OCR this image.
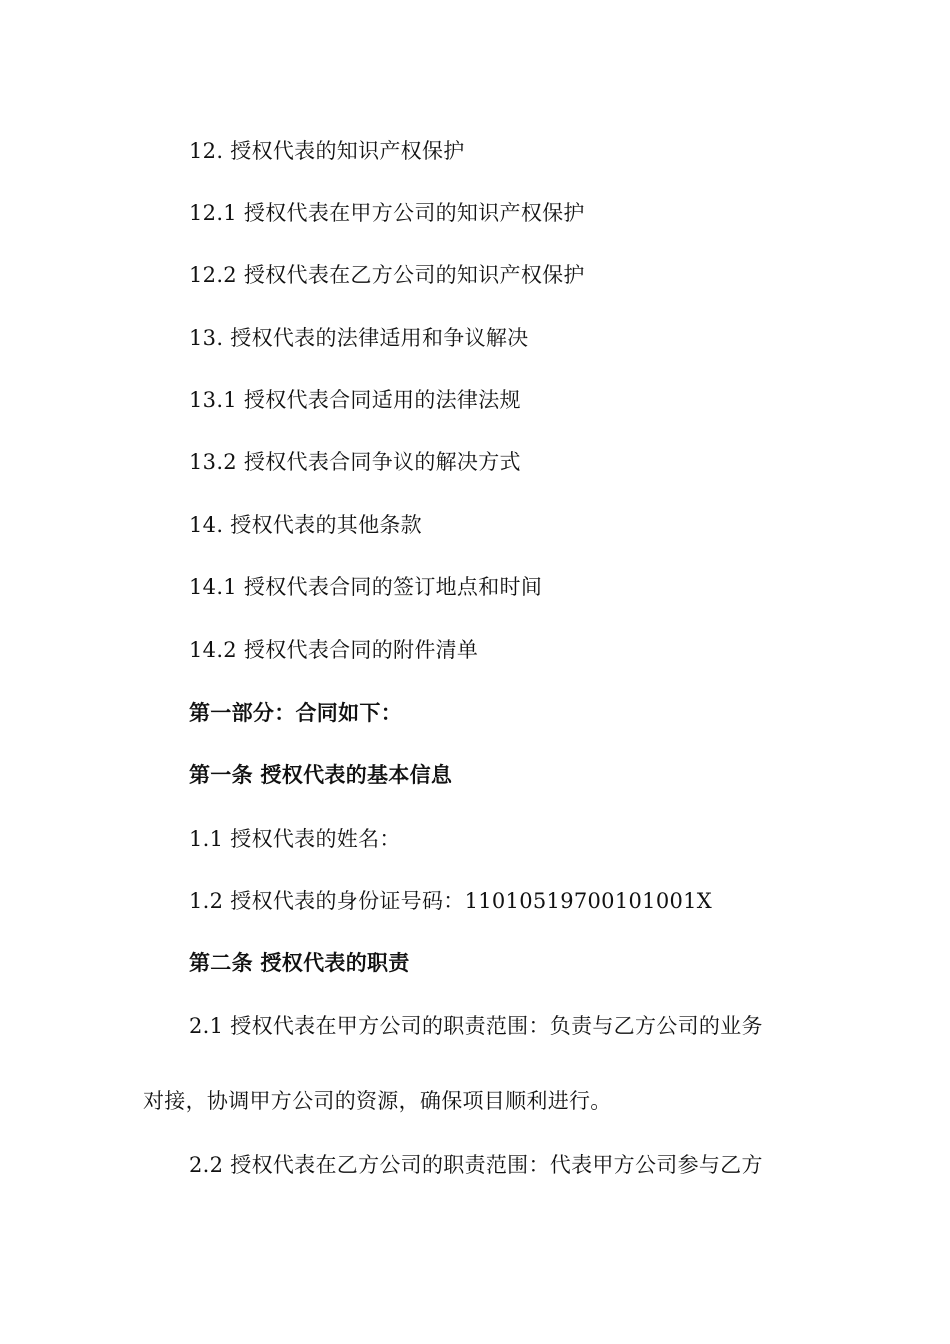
12. 授权代表的知识产权保护
12.1 授权代表在甲方公司的知识产权保护
12.2 授权代表在乙方公司的知识产权保护
13. 授权代表的法律适用和争议解决
13.1 授权代表合同适用的法律法规
13.2 授权代表合同争议的解决方式
14. 授权代表的其他条款
14.1 授权代表合同的签订地点和时间
14.2 授权代表合同的附件清单
第一部分：合同如下：
第一条 授权代表的基本信息
1.1 授权代表的姓名：
1.2 授权代表的身份证号码：11010519700101001X
第二条 授权代表的职责
2.1 授权代表在甲方公司的职责范围：负责与乙方公司的业务
对接，协调甲方公司的资源，确保项目顺利进行。
2.2 授权代表在乙方公司的职责范围：代表甲方公司参与乙方
